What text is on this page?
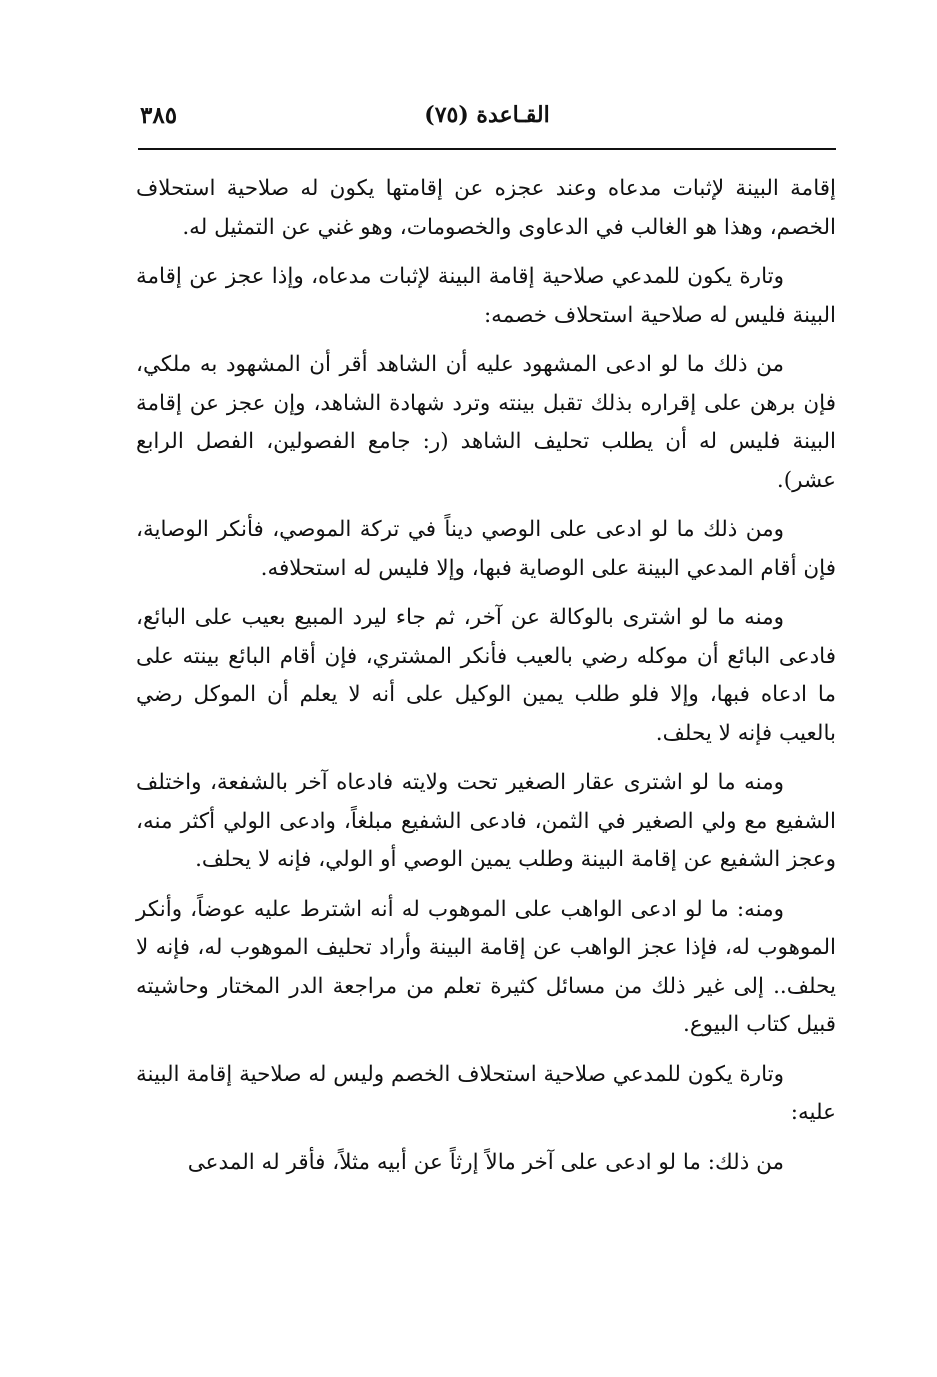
القـاعدة (٧٥)
٣٨٥

إقامة البينة لإثبات مدعاه وعند عجزه عن إقامتها يكون له صلاحية استحلاف الخصم، وهذا هو الغالب في الدعاوى والخصومات، وهو غني عن التمثيل له.

وتارة يكون للمدعي صلاحية إقامة البينة لإثبات مدعاه، وإذا عجز عن إقامة البينة فليس له صلاحية استحلاف خصمه:

من ذلك ما لو ادعى المشهود عليه أن الشاهد أقر أن المشهود به ملكي، فإن برهن على إقراره بذلك تقبل بينته وترد شهادة الشاهد، وإن عجز عن إقامة البينة فليس له أن يطلب تحليف الشاهد (ر: جامع الفصولين، الفصل الرابع عشر).

ومن ذلك ما لو ادعى على الوصي ديناً في تركة الموصي، فأنكر الوصاية، فإن أقام المدعي البينة على الوصاية فبها، وإلا فليس له استحلافه.

ومنه ما لو اشترى بالوكالة عن آخر، ثم جاء ليرد المبيع بعيب على البائع، فادعى البائع أن موكله رضي بالعيب فأنكر المشتري، فإن أقام البائع بينته على ما ادعاه فبها، وإلا فلو طلب يمين الوكيل على أنه لا يعلم أن الموكل رضي بالعيب فإنه لا يحلف.

ومنه ما لو اشترى عقار الصغير تحت ولايته فادعاه آخر بالشفعة، واختلف الشفيع مع ولي الصغير في الثمن، فادعى الشفيع مبلغاً، وادعى الولي أكثر منه، وعجز الشفيع عن إقامة البينة وطلب يمين الوصي أو الولي، فإنه لا يحلف.

ومنه: ما لو ادعى الواهب على الموهوب له أنه اشترط عليه عوضاً، وأنكر الموهوب له، فإذا عجز الواهب عن إقامة البينة وأراد تحليف الموهوب له، فإنه لا يحلف.. إلى غير ذلك من مسائل كثيرة تعلم من مراجعة الدر المختار وحاشيته قبيل كتاب البيوع.

وتارة يكون للمدعي صلاحية استحلاف الخصم وليس له صلاحية إقامة البينة عليه:

من ذلك: ما لو ادعى على آخر مالاً إرثاً عن أبيه مثلاً، فأقر له المدعى
